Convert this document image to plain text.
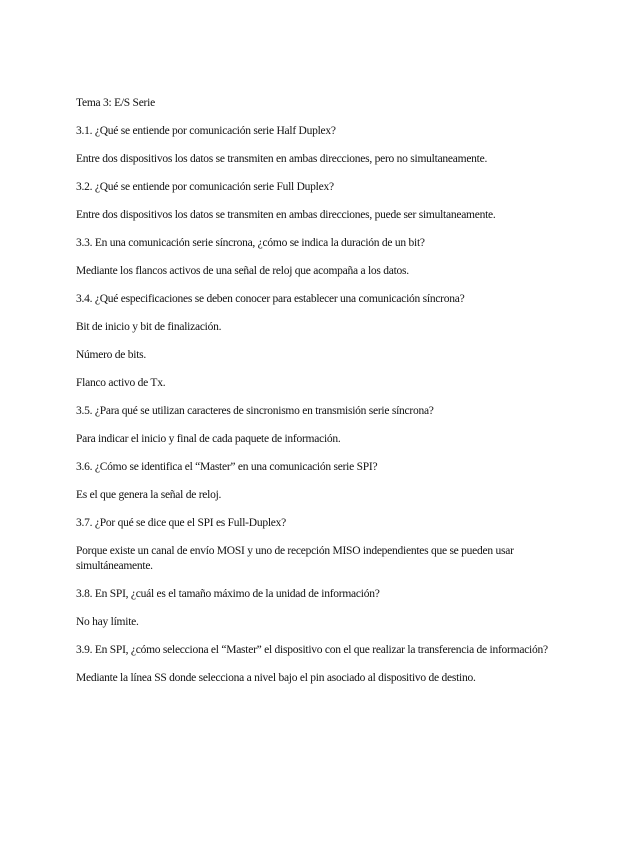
Tema 3: E/S Serie

3.1.
¿Qué se entiende por comunicación serie Half Duplex?

Entre dos dispositivos los datos se transmiten en ambas direcciones, pero no simultaneamente.

3.2.
¿Qué se entiende por comunicación serie Full Duplex?

Entre dos dispositivos los datos se transmiten en ambas direcciones, puede ser simultaneamente.

3.3.
En una comunicación serie síncrona, ¿cómo se indica la duración de un bit?

Mediante los flancos activos de una señal de reloj que acompaña a los datos.

3.4.
¿Qué especificaciones se deben conocer para establecer una comunicación síncrona?

Bit de inicio y bit de finalización.

Número de bits.

Flanco activo de Tx.

3.5.
¿Para qué se utilizan caracteres de sincronismo en transmisión serie síncrona?

Para indicar el inicio y final de cada paquete de información.

3.6.
¿Cómo se identifica el “Master” en una comunicación serie SPI?

Es el que genera la señal de reloj.

3.7.
¿Por qué se dice que el SPI es Full-Duplex?

Porque existe un canal de envío MOSI y uno de recepción MISO independientes que se pueden usar simultáneamente.

3.8.
En SPI, ¿cuál es el tamaño máximo de la unidad de información?

No hay límite.

3.9.
En SPI, ¿cómo selecciona el “Master” el dispositivo con el que realizar la transferencia de información?

Mediante la línea SS donde selecciona a nivel bajo el pin asociado al dispositivo de destino.
